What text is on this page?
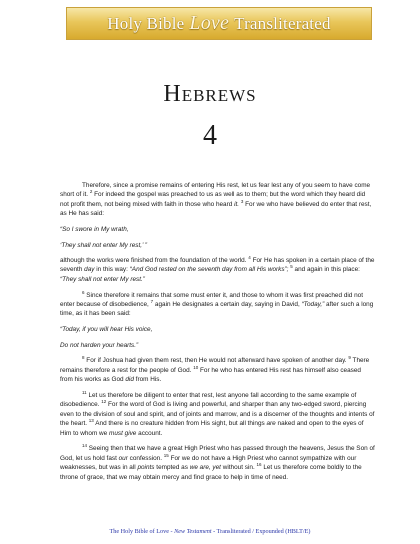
Holy Bible Love Transliterated
Hebrews
4

Therefore, since a promise remains of entering His rest, let us fear lest any of you seem to have come short of it. $^2$ For indeed the gospel was preached to us as well as to them; but the word which they heard did not profit them, not being mixed with faith in those who heard it. $^3$ For we who have believed do enter that rest, as He has said:

“So I swore in My wrath,

‘They shall not enter My rest,’ ”

although the works were finished from the foundation of the world. $^4$ For He has spoken in a certain place of the seventh day in this way: “And God rested on the seventh day from all His works”; $^5$ and again in this place: “They shall not enter My rest.”

$^6$ Since therefore it remains that some must enter it, and those to whom it was first preached did not enter because of disobedience, $^7$ again He designates a certain day, saying in David, “Today,” after such a long time, as it has been said:

“Today, if you will hear His voice,

Do not harden your hearts.”

$^8$ For if Joshua had given them rest, then He would not afterward have spoken of another day. $^9$ There remains therefore a rest for the people of God. $^{10}$ For he who has entered His rest has himself also ceased from his works as God did from His.

$^{11}$ Let us therefore be diligent to enter that rest, lest anyone fall according to the same example of disobedience. $^{12}$ For the word of God is living and powerful, and sharper than any two-edged sword, piercing even to the division of soul and spirit, and of joints and marrow, and is a discerner of the thoughts and intents of the heart. $^{13}$ And there is no creature hidden from His sight, but all things are naked and open to the eyes of Him to whom we must give account.

$^{14}$ Seeing then that we have a great High Priest who has passed through the heavens, Jesus the Son of God, let us hold fast our confession. $^{15}$ For we do not have a High Priest who cannot sympathize with our weaknesses, but was in all points tempted as we are, yet without sin. $^{16}$ Let us therefore come boldly to the throne of grace, that we may obtain mercy and find grace to help in time of need.

The Holy Bible of Love - New Testament - Transliterated / Expounded (HBLT/E)
